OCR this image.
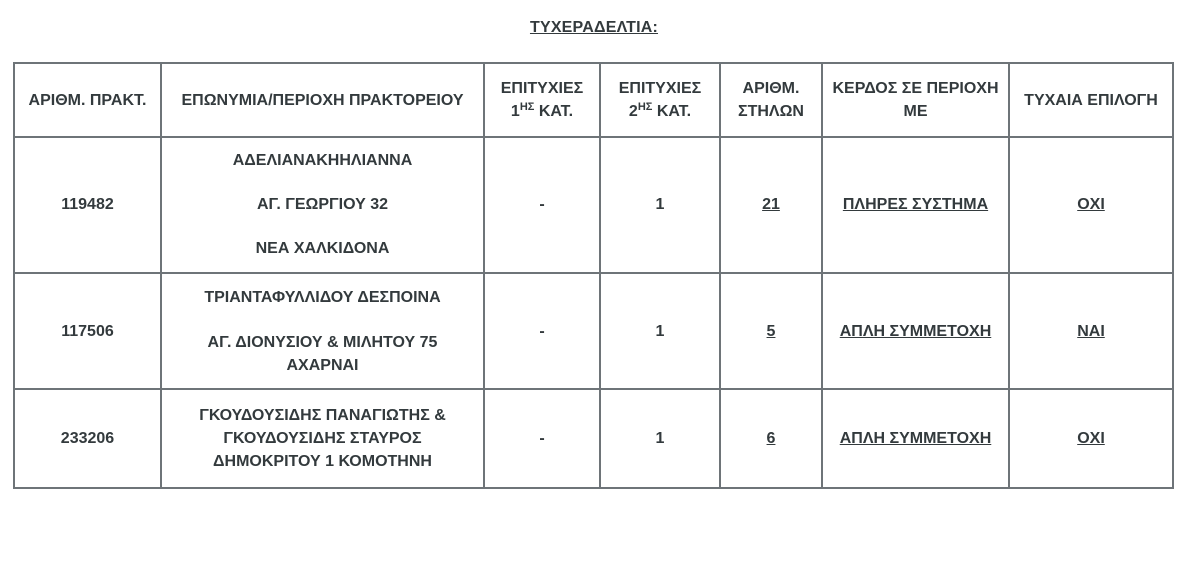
ΤΥΧΕΡΑΔΕΛΤΙΑ:
ΑΡΙΘΜ. ΠΡΑΚΤ.	ΕΠΩΝΥΜΙΑ/ΠΕΡΙΟΧΗ ΠΡΑΚΤΟΡΕΙΟΥ	ΕΠΙΤΥΧΙΕΣ
$1^{H\Sigma}$ ΚΑΤ.	ΕΠΙΤΥΧΙΕΣ
$2^{H\Sigma}$ ΚΑΤ.	ΑΡΙΘΜ. ΣΤΗΛΩΝ	ΚΕΡΔΟΣ ΣΕ ΠΕΡΙΟΧΗ ΜΕ	ΤΥΧΑΙΑ ΕΠΙΛΟΓΗ
119482	ΑΔΕΛΙΑΝΑΚΗΗΛΙΑΝΝΑ
ΑΓ. ΓΕΩΡΓΙΟΥ 32
ΝΕΑ ΧΑΛΚΙΔΟΝΑ	-	1	21	ΠΛΗΡΕΣ ΣΥΣΤΗΜΑ	ΟΧΙ
117506	ΤΡΙΑΝΤΑΦΥΛΛΙΔΟΥ ΔΕΣΠΟΙΝΑ
ΑΓ. ΔΙΟΝΥΣΙΟΥ & ΜΙΛΗΤΟΥ 75
ΑΧΑΡΝΑΙ	-	1	5	ΑΠΛΗ ΣΥΜΜΕΤΟΧΗ	ΝΑΙ
233206	ΓΚΟΥΔΟΥΣΙΔΗΣ ΠΑΝΑΓΙΩΤΗΣ &
ΓΚΟΥΔΟΥΣΙΔΗΣ ΣΤΑΥΡΟΣ
ΔΗΜΟΚΡΙΤΟΥ 1 ΚΟΜΟΤΗΝΗ	-	1	6	ΑΠΛΗ ΣΥΜΜΕΤΟΧΗ	ΟΧΙ
